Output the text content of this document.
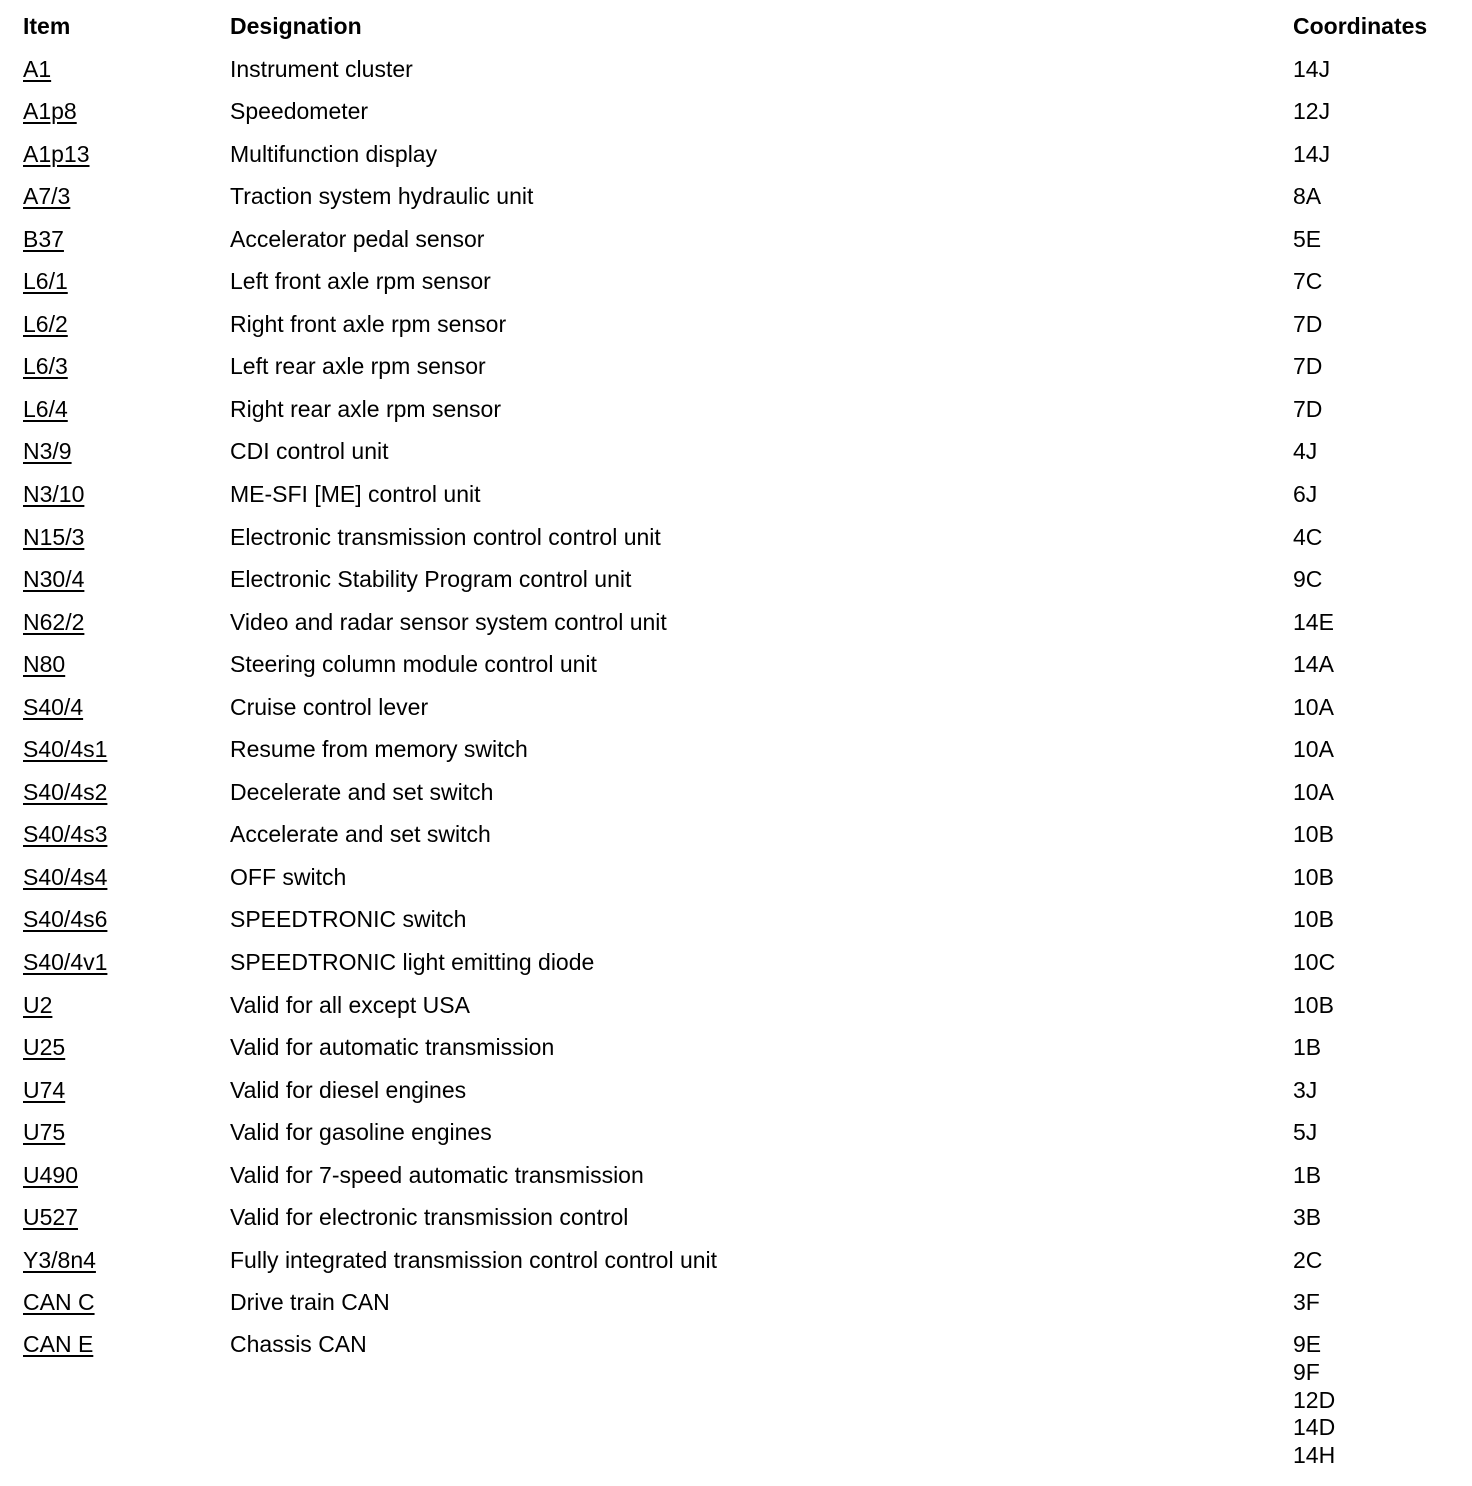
Item	Designation	Coordinates
A1	Instrument cluster	14J
A1p8	Speedometer	12J
A1p13	Multifunction display	14J
A7/3	Traction system hydraulic unit	8A
B37	Accelerator pedal sensor	5E
L6/1	Left front axle rpm sensor	7C
L6/2	Right front axle rpm sensor	7D
L6/3	Left rear axle rpm sensor	7D
L6/4	Right rear axle rpm sensor	7D
N3/9	CDI control unit	4J
N3/10	ME-SFI [ME] control unit	6J
N15/3	Electronic transmission control control unit	4C
N30/4	Electronic Stability Program control unit	9C
N62/2	Video and radar sensor system control unit	14E
N80	Steering column module control unit	14A
S40/4	Cruise control lever	10A
S40/4s1	Resume from memory switch	10A
S40/4s2	Decelerate and set switch	10A
S40/4s3	Accelerate and set switch	10B
S40/4s4	OFF switch	10B
S40/4s6	SPEEDTRONIC switch	10B
S40/4v1	SPEEDTRONIC light emitting diode	10C
U2	Valid for all except USA	10B
U25	Valid for automatic transmission	1B
U74	Valid for diesel engines	3J
U75	Valid for gasoline engines	5J
U490	Valid for 7-speed automatic transmission	1B
U527	Valid for electronic transmission control	3B
Y3/8n4	Fully integrated transmission control control unit	2C
CAN C	Drive train CAN	3F
CAN E	Chassis CAN	9E
9F
12D
14D
14H
